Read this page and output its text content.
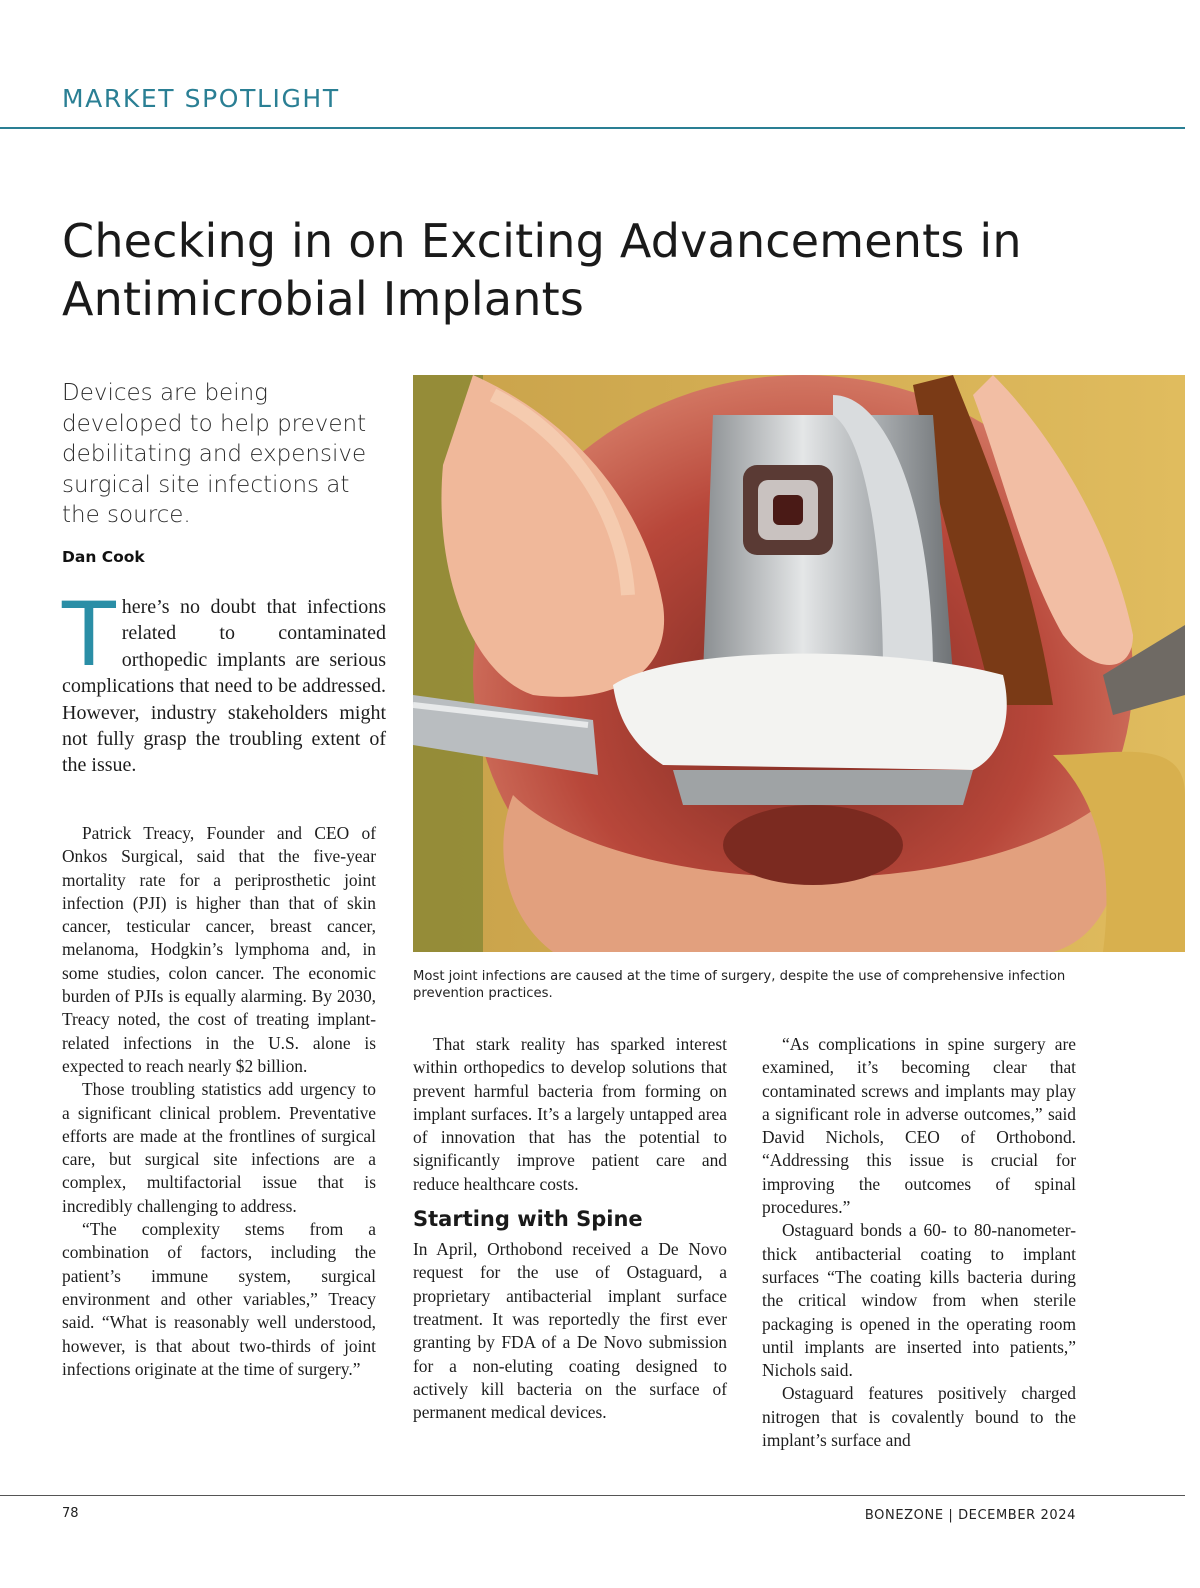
MARKET SPOTLIGHT
Checking in on Exciting Advancements in Antimicrobial Implants

Devices are being developed to help prevent debilitating and expensive surgical site infections at the source.

Dan Cook

There’s no doubt that infections related to contaminated orthopedic implants are serious complications that need to be addressed. However, industry stakeholders might not fully grasp the troubling extent of the issue.

Patrick Treacy, Founder and CEO of Onkos Surgical, said that the five-year mortality rate for a periprosthetic joint infection (PJI) is higher than that of skin cancer, testicular cancer, breast cancer, melanoma, Hodgkin’s lymphoma and, in some studies, colon cancer. The economic burden of PJIs is equally alarming. By 2030, Treacy noted, the cost of treating implant-related infections in the U.S. alone is expected to reach nearly $2 billion.

Those troubling statistics add urgency to a significant clinical problem. Preventative efforts are made at the frontlines of surgical care, but surgical site infections are a complex, multifactorial issue that is incredibly challenging to address.

“The complexity stems from a combination of factors, including the patient’s immune system, surgical environment and other variables,” Treacy said. “What is reasonably well understood, however, is that about two-thirds of joint infections originate at the time of surgery.”

Most joint infections are caused at the time of surgery, despite the use of comprehensive infection prevention practices.

That stark reality has sparked interest within orthopedics to develop solutions that prevent harmful bacteria from forming on implant surfaces. It’s a largely untapped area of innovation that has the potential to significantly improve patient care and reduce healthcare costs.

Starting with Spine

In April, Orthobond received a De Novo request for the use of Ostaguard, a proprietary antibacterial implant surface treatment. It was reportedly the first ever granting by FDA of a De Novo submission for a non-eluting coating designed to actively kill bacteria on the surface of permanent medical devices.

“As complications in spine surgery are examined, it’s becoming clear that contaminated screws and implants may play a significant role in adverse outcomes,” said David Nichols, CEO of Orthobond. “Addressing this issue is crucial for improving the outcomes of spinal procedures.”

Ostaguard bonds a 60- to 80-nanometer-thick antibacterial coating to implant surfaces “The coating kills bacteria during the critical window from when sterile packaging is opened in the operating room until implants are inserted into patients,” Nichols said.

Ostaguard features positively charged nitrogen that is covalently bound to the implant’s surface and

78	BONEZONE | DECEMBER 2024
